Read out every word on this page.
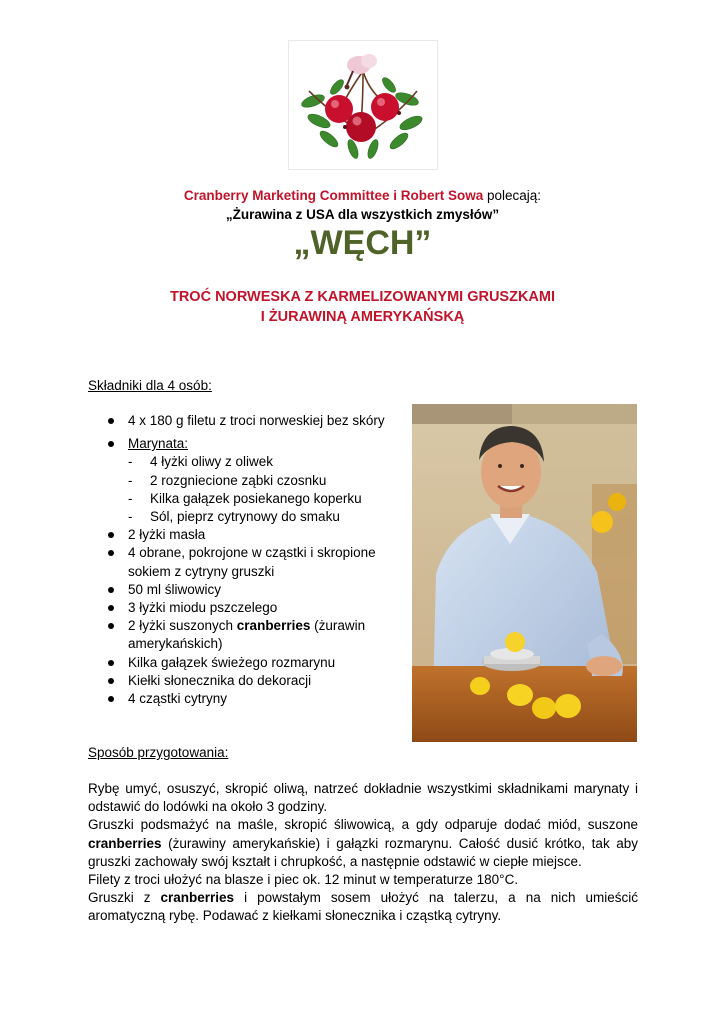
Cranberry Marketing Committee i Robert Sowa polecają:
„Żurawina z USA dla wszystkich zmysłów”
„WĘCH”
TROĆ NORWESKA Z KARMELIZOWANYMI GRUSZKAMI
I ŻURAWINĄ AMERYKAŃSKĄ
Składniki dla 4 osób:
4 x 180 g filetu z troci norweskiej bez skóry
Marynata:
- 4 łyżki oliwy z oliwek
- 2 rozgniecione ząbki czosnku
- Kilka gałązek posiekanego koperku
- Sól, pieprz cytrynowy do smaku
2 łyżki masła
4 obrane, pokrojone w cząstki i skropione
sokiem z cytryny gruszki
50 ml śliwowicy
3 łyżki miodu pszczelego
2 łyżki suszonych cranberries (żurawin
amerykańskich)
Kilka gałązek świeżego rozmarynu
Kiełki słonecznika do dekoracji
4 cząstki cytryny
Sposób przygotowania:

Rybę umyć, osuszyć, skropić oliwą, natrzeć dokładnie wszystkimi składnikami marynaty i odstawić do lodówki na około 3 godziny.

Gruszki podsmażyć na maśle, skropić śliwowicą, a gdy odparuje dodać miód, suszone cranberries (żurawiny amerykańskie) i gałązki rozmarynu. Całość dusić krótko, tak aby gruszki zachowały swój kształt i chrupkość, a następnie odstawić w ciepłe miejsce.

Filety z troci ułożyć na blasze i piec ok. 12 minut w temperaturze 180°C.

Gruszki z cranberries i powstałym sosem ułożyć na talerzu, a na nich umieścić aromatyczną rybę. Podawać z kiełkami słonecznika i cząstką cytryny.
